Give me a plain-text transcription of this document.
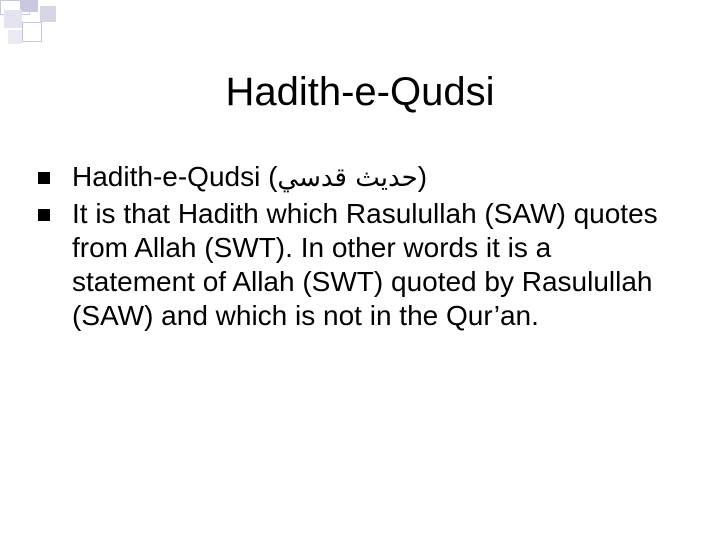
Hadith-e-Qudsi
Hadith-e-Qudsi (حديث قدسي)
It is that Hadith which Rasulullah (SAW) quotes from Allah (SWT). In other words it is a statement of Allah (SWT) quoted by Rasulullah (SAW) and which is not in the Qur’an.
